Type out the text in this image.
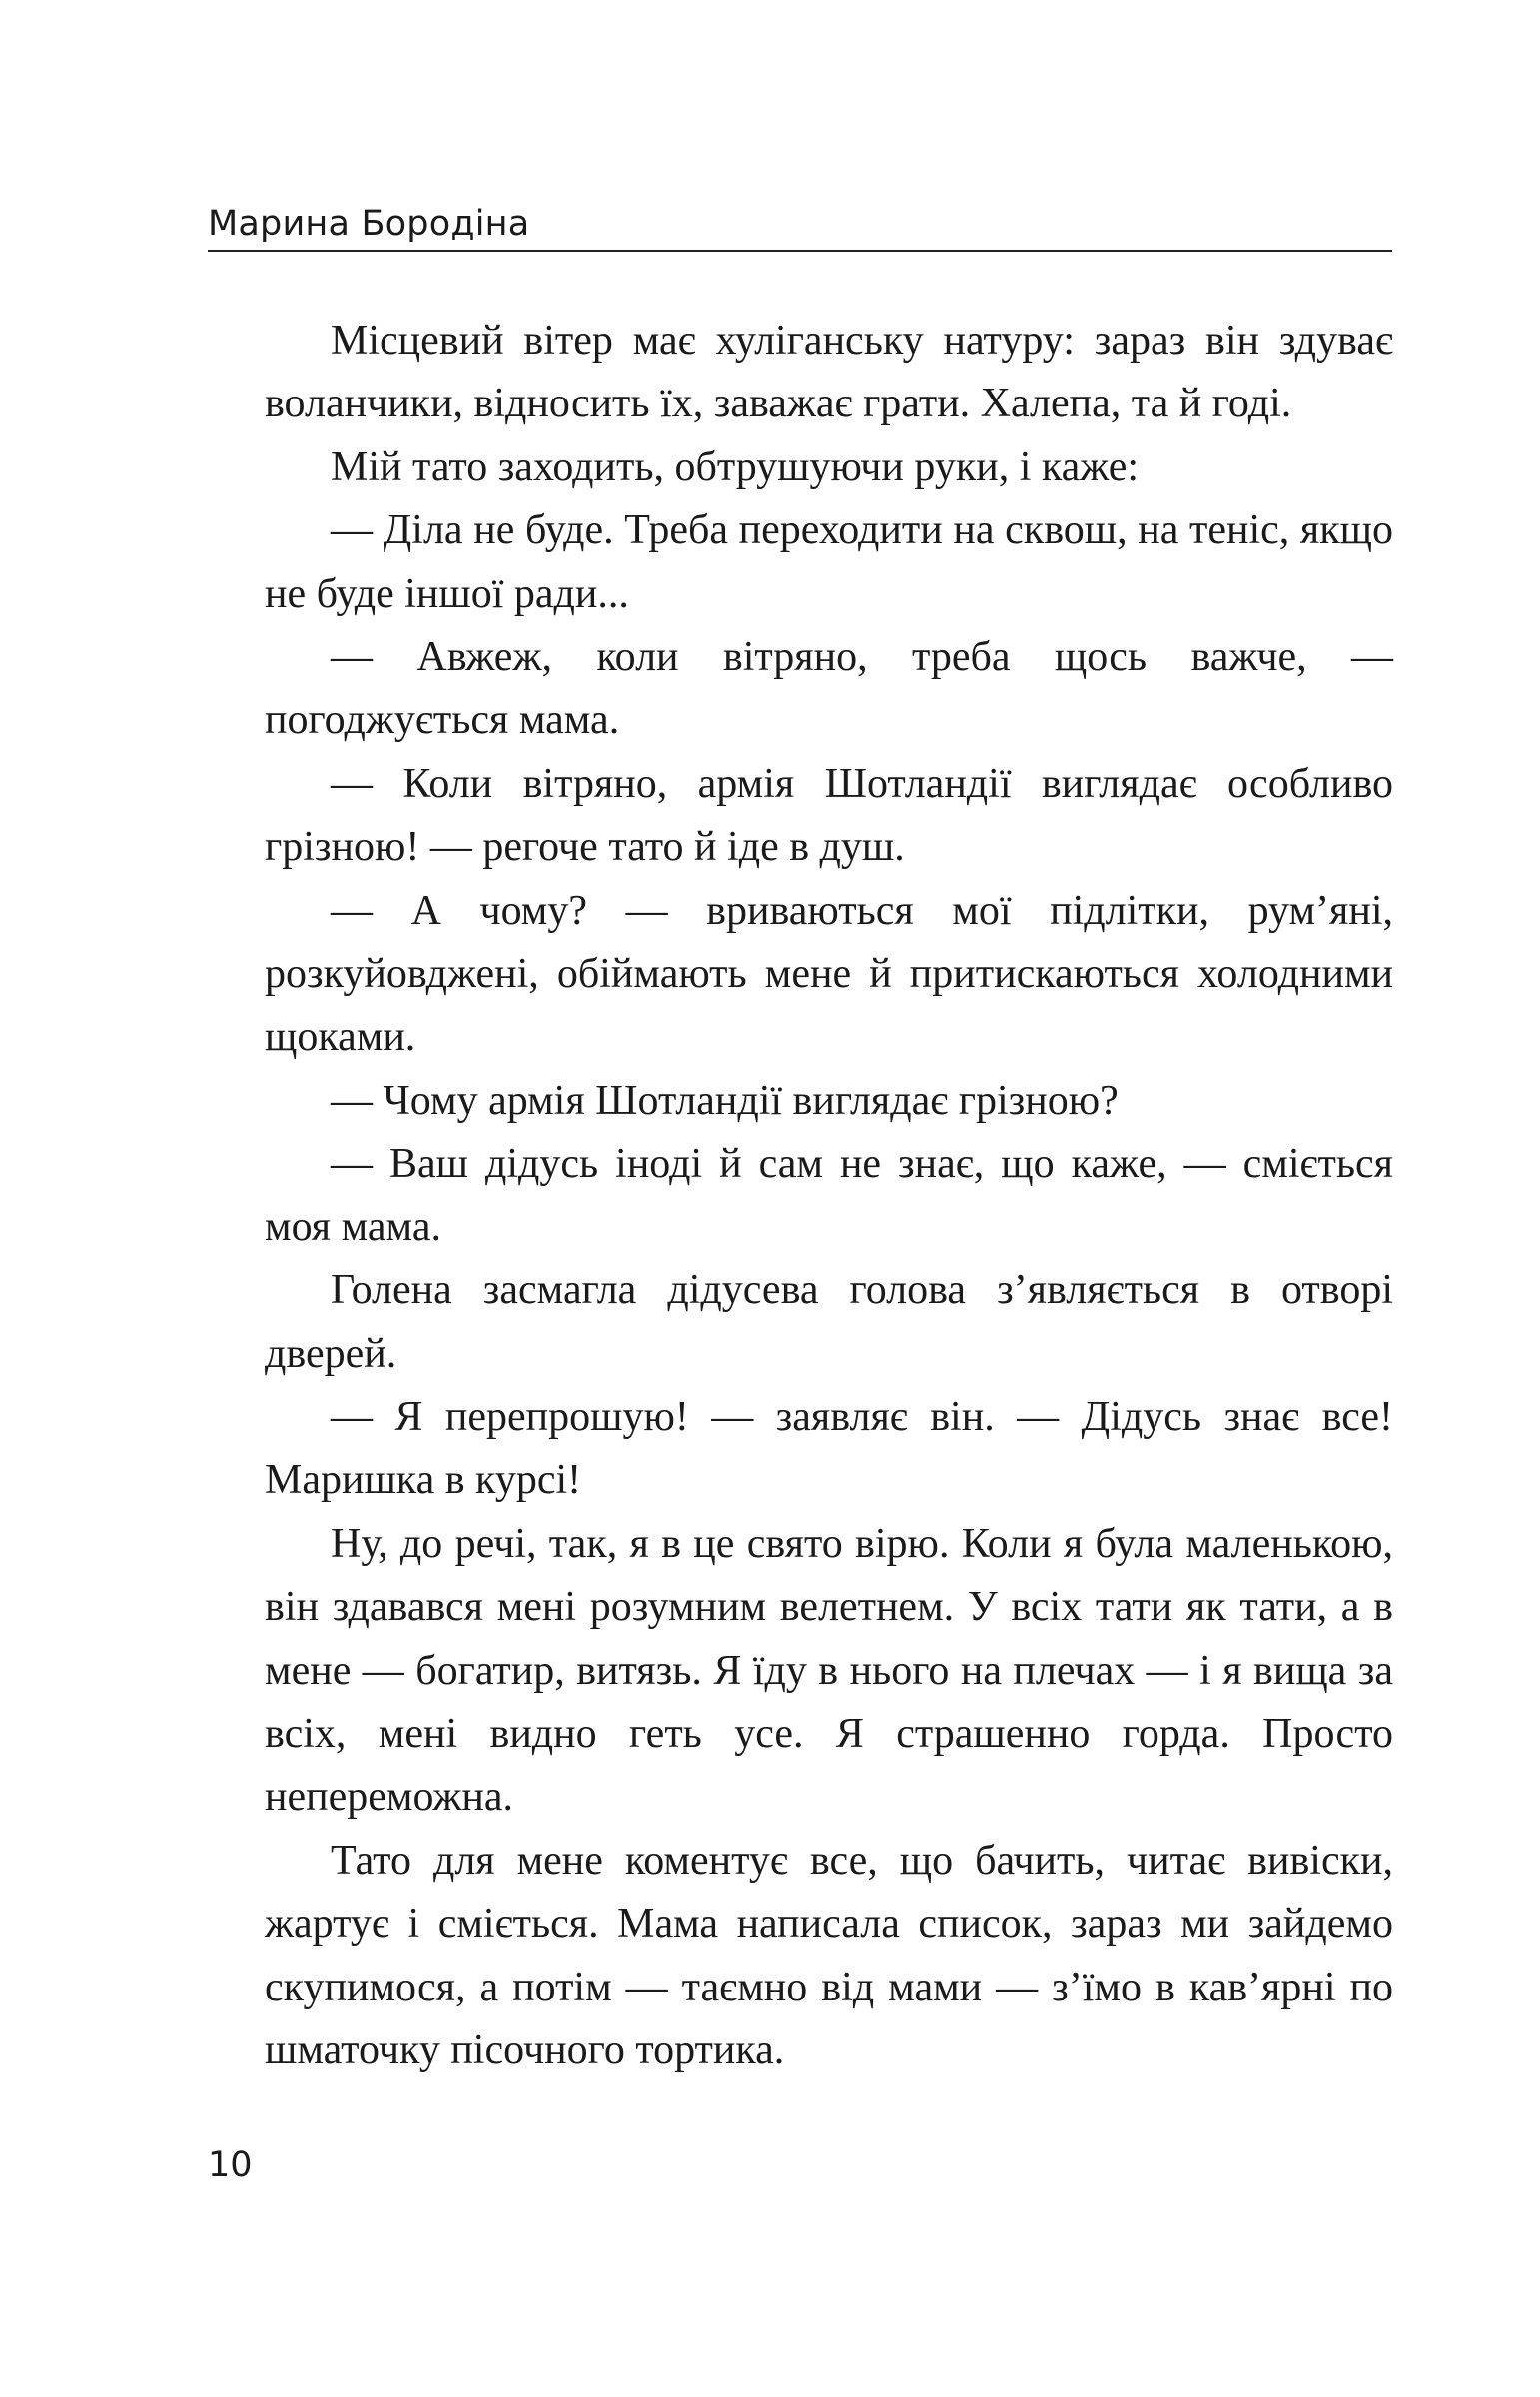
Марина Бородіна

Місцевий вітер має хуліганську натуру: зараз він здуває воланчики, відносить їх, заважає грати. Халепа, та й годі.

Мій тато заходить, обтрушуючи руки, і каже:

— Діла не буде. Треба переходити на сквош, на теніс, якщо не буде іншої ради...

— Авжеж, коли вітряно, треба щось важче, — погоджується мама.

— Коли вітряно, армія Шотландії виглядає особливо грізною! — регоче тато й іде в душ.

— А чому? — вриваються мої підлітки, рум’яні, розкуйовджені, обіймають мене й притискаються холодними щоками.

— Чому армія Шотландії виглядає грізною?

— Ваш дідусь іноді й сам не знає, що каже, — сміється моя мама.

Голена засмагла дідусева голова з’являється в отворі дверей.

— Я перепрошую! — заявляє він. — Дідусь знає все! Маришка в курсі!

Ну, до речі, так, я в це свято вірю. Коли я була маленькою, він здавався мені розумним велетнем. У всіх тати як тати, а в мене — богатир, витязь. Я їду в нього на плечах — і я вища за всіх, мені видно геть усе. Я страшенно горда. Просто непереможна.

Тато для мене коментує все, що бачить, читає вивіски, жартує і сміється. Мама написала список, зараз ми зайдемо скупимося, а потім — таємно від мами — з’їмо в кав’ярні по шматочку пісочного тортика.

10
